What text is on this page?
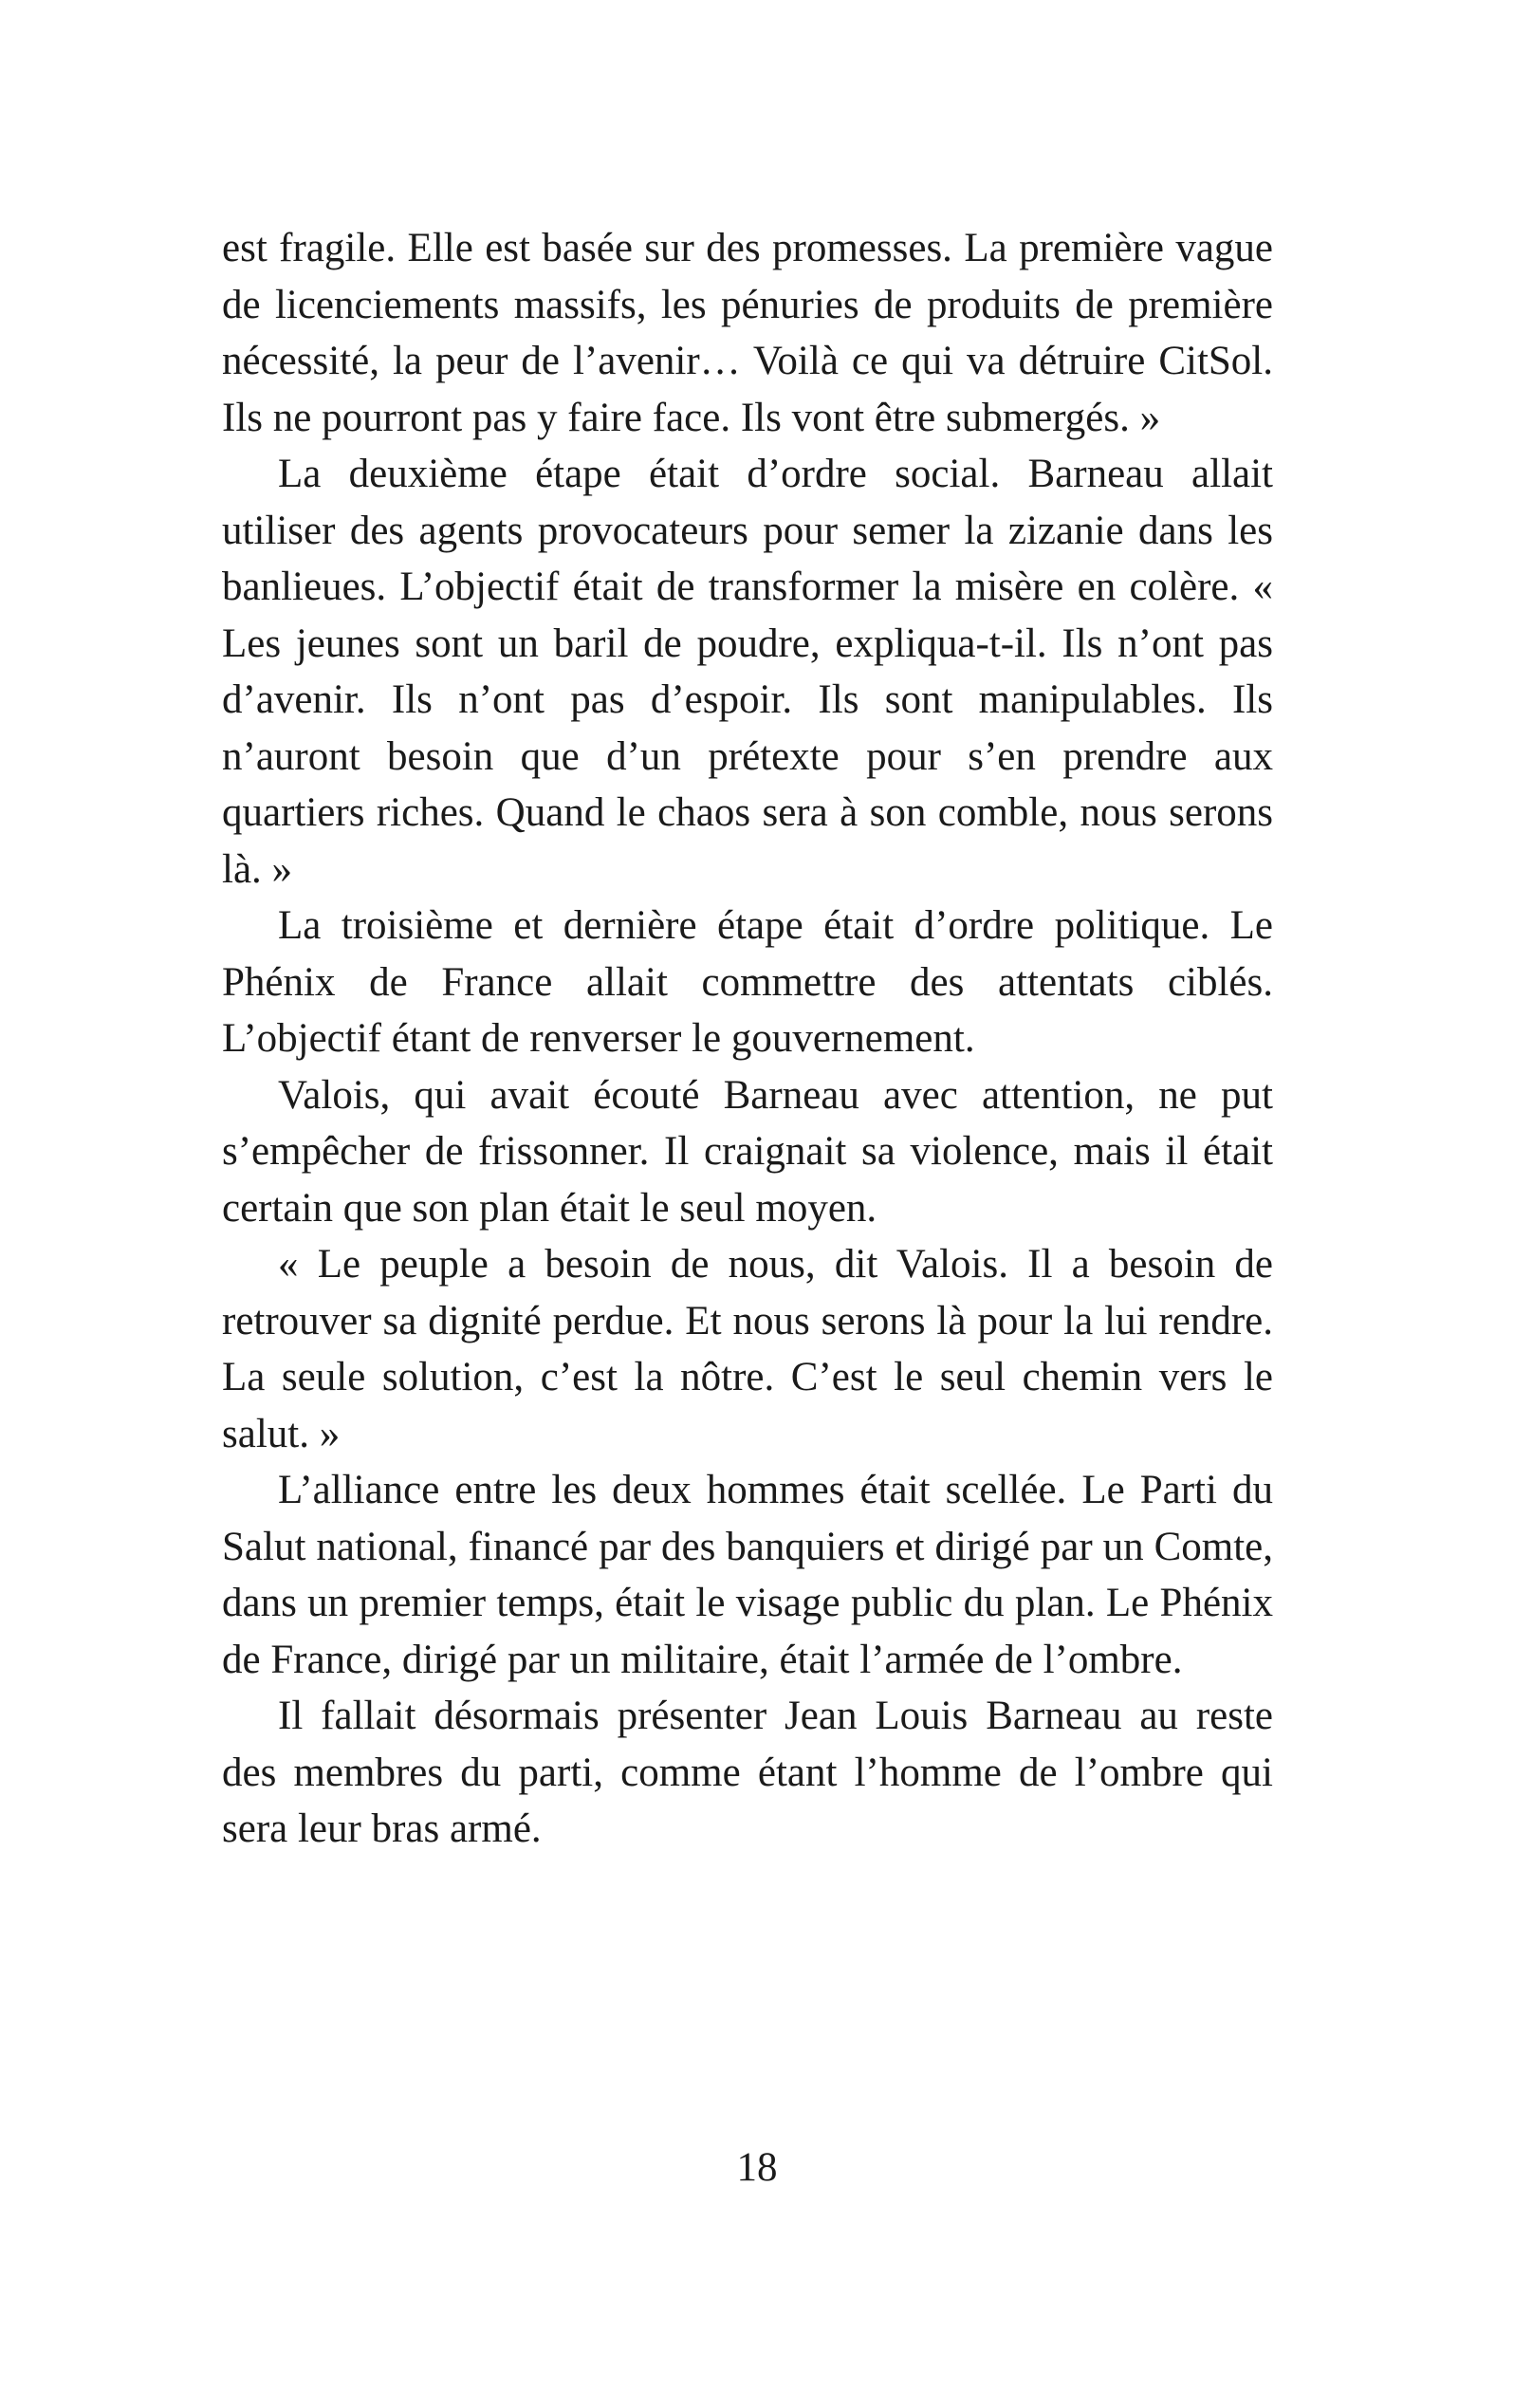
est fragile. Elle est basée sur des promesses. La première vague de licenciements massifs, les pénuries de produits de première nécessité, la peur de l’avenir… Voilà ce qui va détruire CitSol. Ils ne pourront pas y faire face. Ils vont être submergés. »

La deuxième étape était d’ordre social. Barneau allait utiliser des agents provocateurs pour semer la zizanie dans les banlieues. L’objectif était de transformer la misère en colère. « Les jeunes sont un baril de poudre, expliqua-t-il. Ils n’ont pas d’avenir. Ils n’ont pas d’espoir. Ils sont manipulables. Ils n’auront besoin que d’un prétexte pour s’en prendre aux quartiers riches. Quand le chaos sera à son comble, nous serons là. »

La troisième et dernière étape était d’ordre politique. Le Phénix de France allait commettre des attentats ciblés. L’objectif étant de renverser le gouvernement.

Valois, qui avait écouté Barneau avec attention, ne put s’empêcher de frissonner. Il craignait sa violence, mais il était certain que son plan était le seul moyen.

« Le peuple a besoin de nous, dit Valois. Il a besoin de retrouver sa dignité perdue. Et nous serons là pour la lui rendre. La seule solution, c’est la nôtre. C’est le seul chemin vers le salut. »

L’alliance entre les deux hommes était scellée. Le Parti du Salut national, financé par des banquiers et dirigé par un Comte, dans un premier temps, était le visage public du plan. Le Phénix de France, dirigé par un militaire, était l’armée de l’ombre.

Il fallait désormais présenter Jean Louis Barneau au reste des membres du parti, comme étant l’homme de l’ombre qui sera leur bras armé.

18
